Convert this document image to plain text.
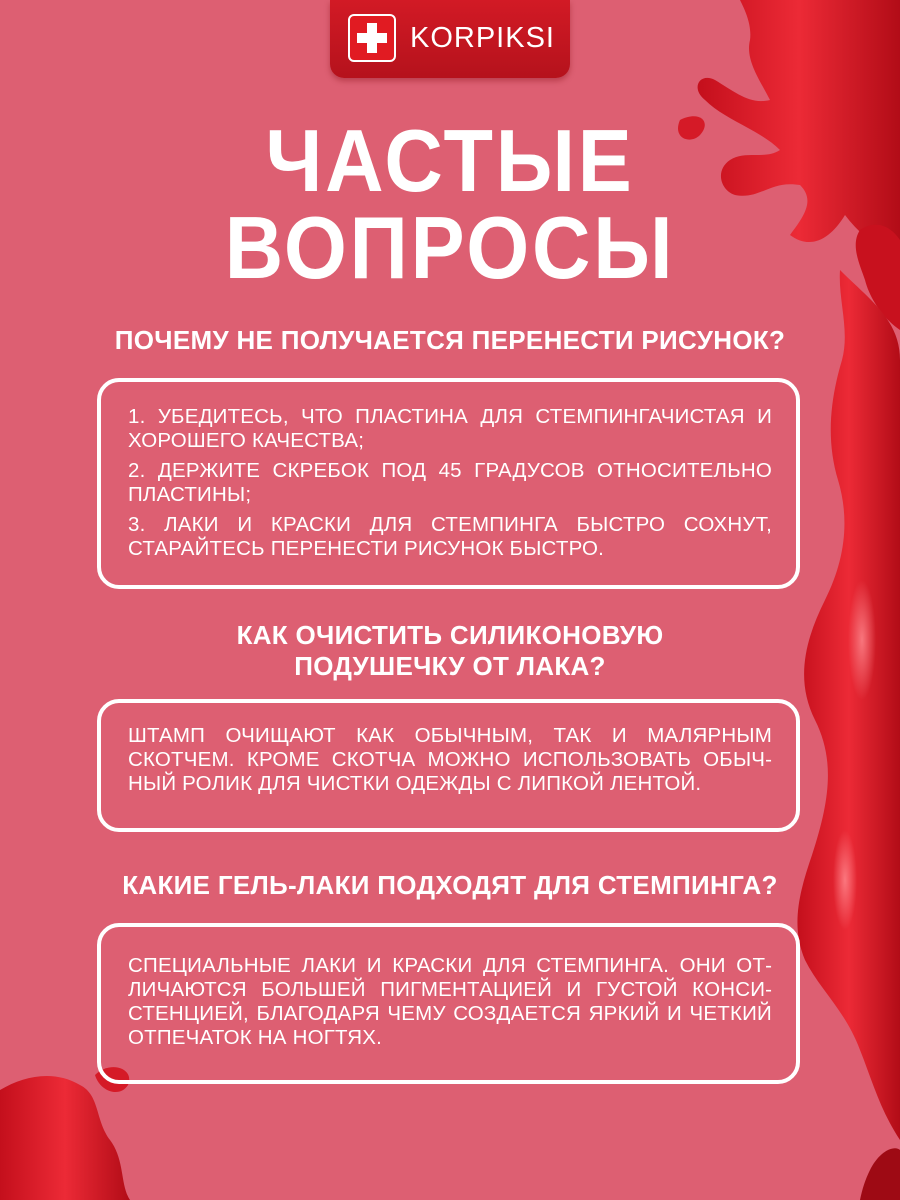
KORPIKSI
ЧАСТЫЕ
ВОПРОСЫ
ПОЧЕМУ НЕ ПОЛУЧАЕТСЯ ПЕРЕНЕСТИ РИСУНОК?

1. УБЕДИТЕСЬ, ЧТО ПЛАСТИНА ДЛЯ СТЕМПИНГАЧИСТАЯ И ХОРОШЕГО КАЧЕСТВА;

2. ДЕРЖИТЕ СКРЕБОК ПОД 45 ГРАДУСОВ ОТНОСИТЕЛЬНО ПЛАСТИНЫ;

3. ЛАКИ И КРАСКИ ДЛЯ СТЕМПИНГА БЫСТРО СОХНУТ, СТАРАЙТЕСЬ ПЕРЕНЕСТИ РИСУНОК БЫСТРО.

КАК ОЧИСТИТЬ СИЛИКОНОВУЮ
ПОДУШЕЧКУ ОТ ЛАКА?

ШТАМП ОЧИЩАЮТ КАК ОБЫЧНЫМ, ТАК И МАЛЯРНЫМ СКОТЧЕМ. КРОМЕ СКОТЧА МОЖНО ИСПОЛЬЗОВАТЬ ОБЫЧНЫЙ РОЛИК ДЛЯ ЧИСТКИ ОДЕЖДЫ С ЛИПКОЙ ЛЕНТОЙ.

КАКИЕ ГЕЛЬ-ЛАКИ ПОДХОДЯТ ДЛЯ СТЕМПИНГА?

СПЕЦИАЛЬНЫЕ ЛАКИ И КРАСКИ ДЛЯ СТЕМПИНГА. ОНИ ОТЛИЧАЮТСЯ БОЛЬШЕЙ ПИГМЕНТАЦИЕЙ И ГУСТОЙ КОНСИСТЕНЦИЕЙ, БЛАГОДАРЯ ЧЕМУ СОЗДАЕТСЯ ЯРКИЙ И ЧЕТКИЙ ОТПЕЧАТОК НА НОГТЯХ.
